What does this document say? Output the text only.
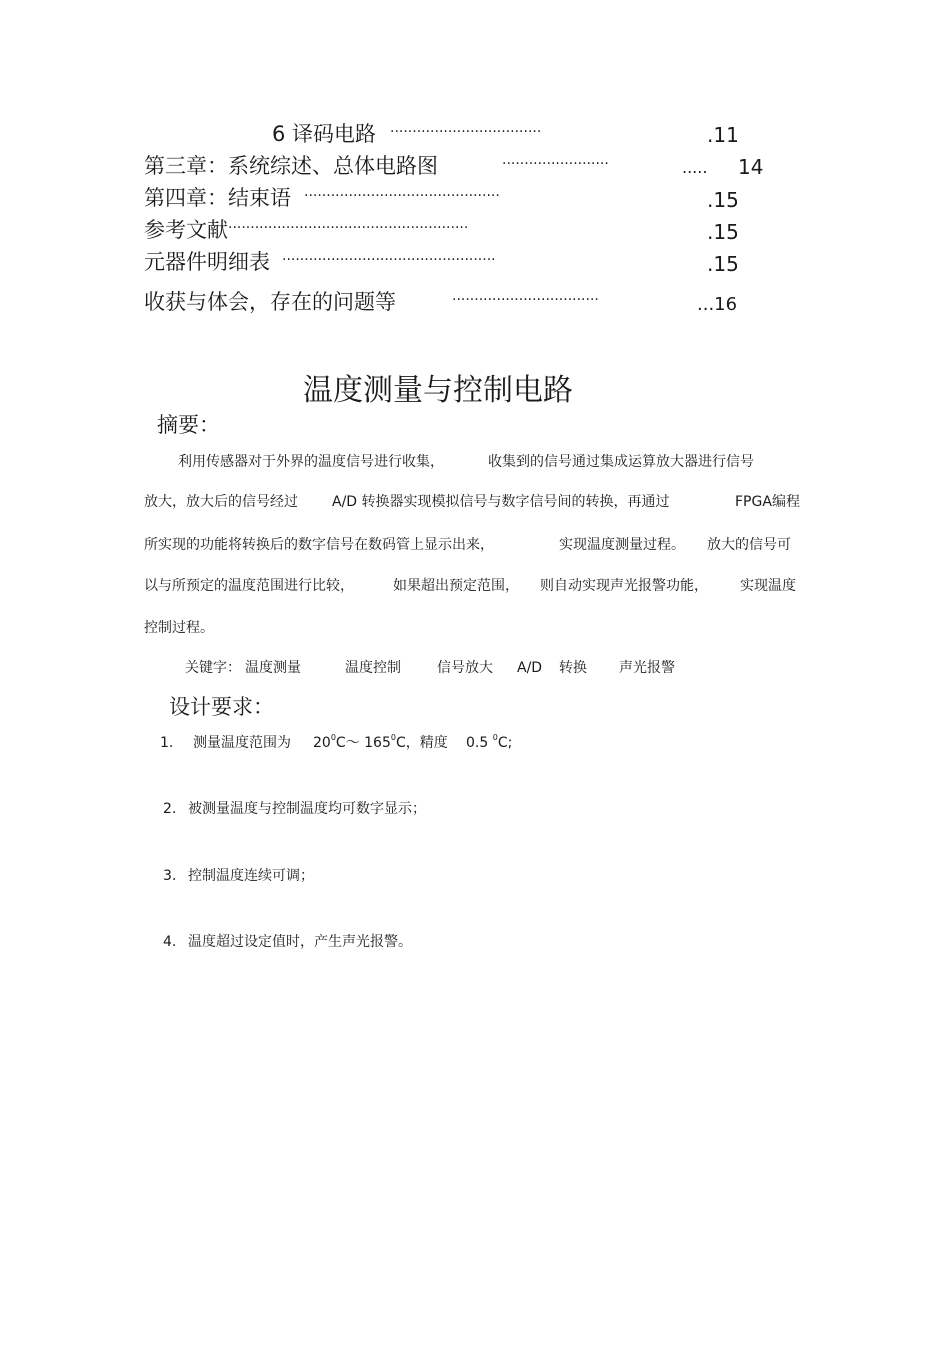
6 译码电路 ··································	.11
第三章：系统综述、总体电路图	························	..... 14
第四章：结束语 ············································	.15
参考文献 ······················································	.15
元器件明细表 ················································	.15
收获与体会，存在的问题等	·································	...16
温度测量与控制电路
摘要：
利用传感器对于外界的温度信号进行收集，	收集到的信号通过集成运算放大器进行信号
放大，放大后的信号经过 A/D 转换器实现模拟信号与数字信号间的转换，再通过	FPGA 编程
所实现的功能将转换后的数字信号在数码管上显示出来，	实现温度测量过程。 放大的信号可
以与所预定的温度范围进行比较，	如果超出预定范围， 则自动实现声光报警功能， 实现温度
控制过程。
关键字： 温度测量	温度控制	信号放大 A/D 转换 声光报警
设计要求：
1. 测量温度范围为 $20^0C\sim$ $165^0C$，精度 0.5 $^0$C;
2. 被测量温度与控制温度均可数字显示；
3. 控制温度连续可调；
4. 温度超过设定值时，产生声光报警。
